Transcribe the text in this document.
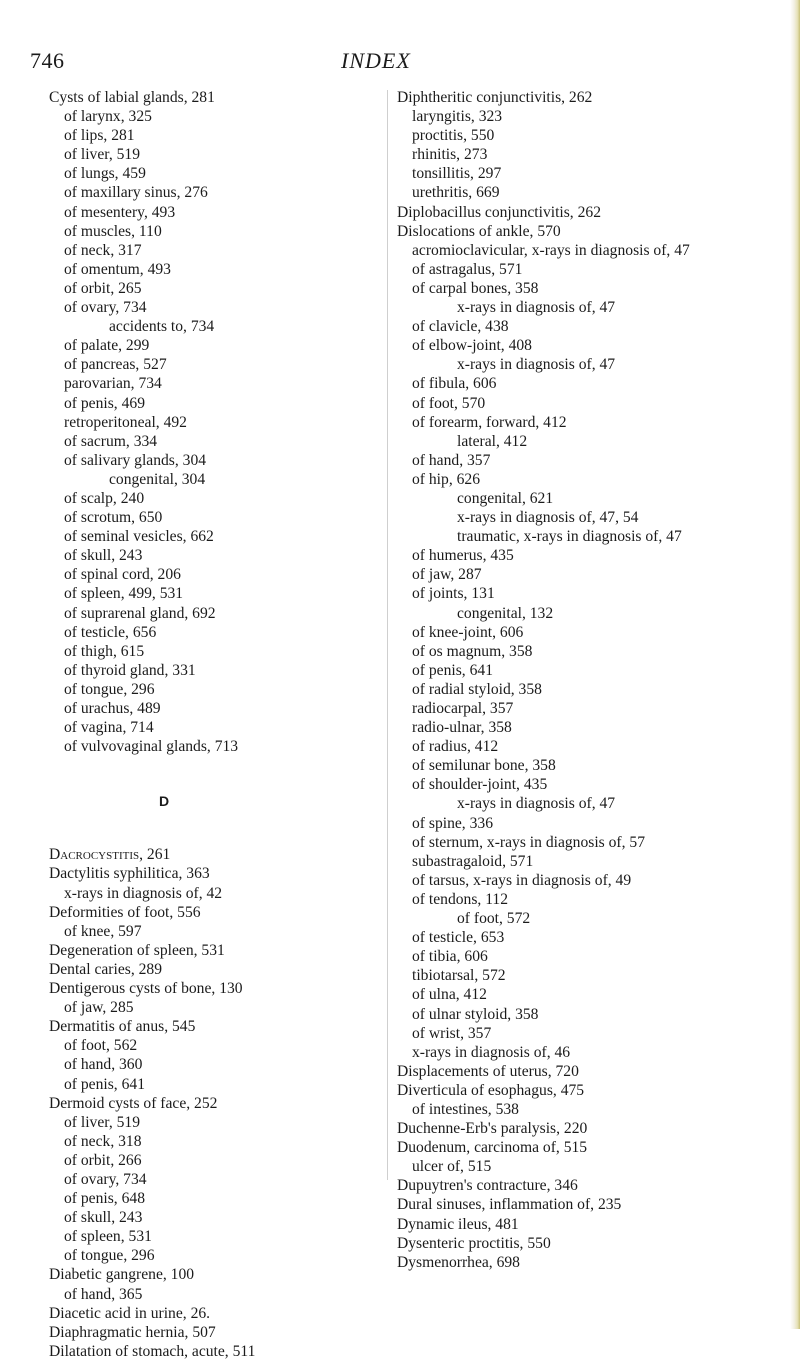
746	INDEX
Cysts of labial glands, 281
of larynx, 325
of lips, 281
of liver, 519
of lungs, 459
of maxillary sinus, 276
of mesentery, 493
of muscles, 110
of neck, 317
of omentum, 493
of orbit, 265
of ovary, 734
accidents to, 734
of palate, 299
of pancreas, 527
parovarian, 734
of penis, 469
retroperitoneal, 492
of sacrum, 334
of salivary glands, 304
congenital, 304
of scalp, 240
of scrotum, 650
of seminal vesicles, 662
of skull, 243
of spinal cord, 206
of spleen, 499, 531
of suprarenal gland, 692
of testicle, 656
of thigh, 615
of thyroid gland, 331
of tongue, 296
of urachus, 489
of vagina, 714
of vulvovaginal glands, 713
D
Dacrocystitis, 261
Dactylitis syphilitica, 363
x-rays in diagnosis of, 42
Deformities of foot, 556
of knee, 597
Degeneration of spleen, 531
Dental caries, 289
Dentigerous cysts of bone, 130
of jaw, 285
Dermatitis of anus, 545
of foot, 562
of hand, 360
of penis, 641
Dermoid cysts of face, 252
of liver, 519
of neck, 318
of orbit, 266
of ovary, 734
of penis, 648
of skull, 243
of spleen, 531
of tongue, 296
Diabetic gangrene, 100
of hand, 365
Diacetic acid in urine, 26.
Diaphragmatic hernia, 507
Dilatation of stomach, acute, 511
Diphtheritic conjunctivitis, 262
laryngitis, 323
proctitis, 550
rhinitis, 273
tonsillitis, 297
urethritis, 669
Diplobacillus conjunctivitis, 262
Dislocations of ankle, 570
acromioclavicular, x-rays in diagnosis of, 47
of astragalus, 571
of carpal bones, 358
x-rays in diagnosis of, 47
of clavicle, 438
of elbow-joint, 408
x-rays in diagnosis of, 47
of fibula, 606
of foot, 570
of forearm, forward, 412
lateral, 412
of hand, 357
of hip, 626
congenital, 621
x-rays in diagnosis of, 47, 54
traumatic, x-rays in diagnosis of, 47
of humerus, 435
of jaw, 287
of joints, 131
congenital, 132
of knee-joint, 606
of os magnum, 358
of penis, 641
of radial styloid, 358
radiocarpal, 357
radio-ulnar, 358
of radius, 412
of semilunar bone, 358
of shoulder-joint, 435
x-rays in diagnosis of, 47
of spine, 336
of sternum, x-rays in diagnosis of, 57
subastragaloid, 571
of tarsus, x-rays in diagnosis of, 49
of tendons, 112
of foot, 572
of testicle, 653
of tibia, 606
tibiotarsal, 572
of ulna, 412
of ulnar styloid, 358
of wrist, 357
x-rays in diagnosis of, 46
Displacements of uterus, 720
Diverticula of esophagus, 475
of intestines, 538
Duchenne-Erb's paralysis, 220
Duodenum, carcinoma of, 515
ulcer of, 515
Dupuytren's contracture, 346
Dural sinuses, inflammation of, 235
Dynamic ileus, 481
Dysenteric proctitis, 550
Dysmenorrhea, 698
